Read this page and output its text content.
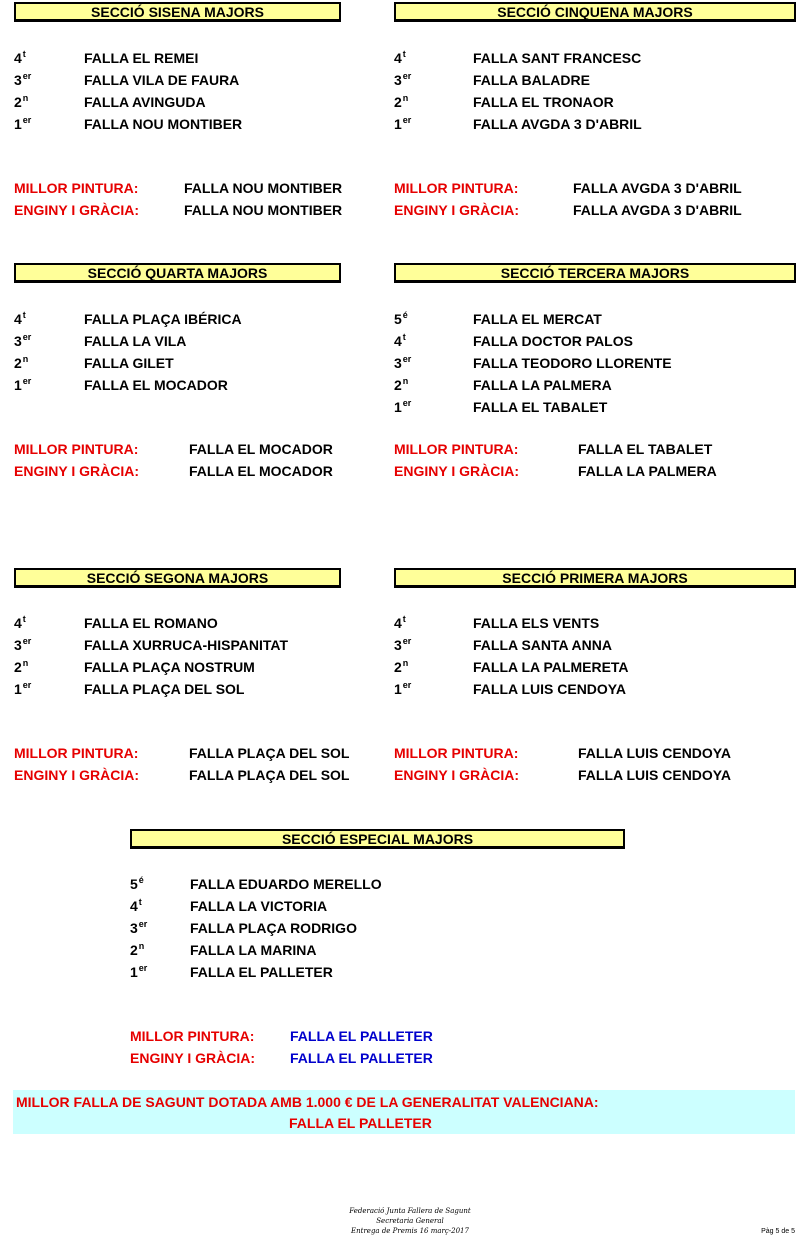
SECCIÓ SISENA MAJORS
4$^t$	FALLA EL REMEI
3er	FALLA VILA DE FAURA
2$^n$	FALLA AVINGUDA
1er	FALLA NOU MONTIBER
MILLOR PINTURA:	FALLA NOU MONTIBER
ENGINY I GRÀCIA:	FALLA NOU MONTIBER
SECCIÓ CINQUENA MAJORS
4$^t$	FALLA SANT FRANCESC
3er	FALLA BALADRE
2$^n$	FALLA EL TRONAOR
1er	FALLA AVGDA 3 D'ABRIL
MILLOR PINTURA:	FALLA AVGDA 3 D'ABRIL
ENGINY I GRÀCIA:	FALLA AVGDA 3 D'ABRIL
SECCIÓ QUARTA MAJORS
4$^t$	FALLA PLAÇA IBÉRICA
3er	FALLA LA VILA
2$^n$	FALLA GILET
1er	FALLA EL MOCADOR
MILLOR PINTURA:	FALLA EL MOCADOR
ENGINY I GRÀCIA:	FALLA EL MOCADOR
SECCIÓ TERCERA MAJORS
$5^é$	FALLA EL MERCAT
4$^t$	FALLA DOCTOR PALOS
3er	FALLA TEODORO LLORENTE
2$^n$	FALLA LA PALMERA
1er	FALLA EL TABALET
MILLOR PINTURA:	FALLA EL TABALET
ENGINY I GRÀCIA:	FALLA LA PALMERA
SECCIÓ SEGONA MAJORS
4$^t$	FALLA EL ROMANO
3er	FALLA XURRUCA-HISPANITAT
2$^n$	FALLA PLAÇA NOSTRUM
1er	FALLA PLAÇA DEL SOL
MILLOR PINTURA:	FALLA PLAÇA DEL SOL
ENGINY I GRÀCIA:	FALLA PLAÇA DEL SOL
SECCIÓ PRIMERA MAJORS
4$^t$	FALLA ELS VENTS
3er	FALLA SANTA ANNA
2$^n$	FALLA LA PALMERETA
1er	FALLA LUIS CENDOYA
MILLOR PINTURA:	FALLA LUIS CENDOYA
ENGINY I GRÀCIA:	FALLA LUIS CENDOYA
SECCIÓ ESPECIAL MAJORS
$5^é$	FALLA EDUARDO MERELLO
4$^t$	FALLA LA VICTORIA
3er	FALLA PLAÇA RODRIGO
2$^n$	FALLA LA MARINA
1er	FALLA EL PALLETER
MILLOR PINTURA:	FALLA EL PALLETER
ENGINY I GRÀCIA:	FALLA EL PALLETER
MILLOR FALLA DE SAGUNT DOTADA AMB 1.000 € DE LA GENERALITAT VALENCIANA:
FALLA EL PALLETER
Federació Junta Fallera de Sagunt
Secretaria General
Entrega de Premis 16 març-2017	Pàg 5 de 5
